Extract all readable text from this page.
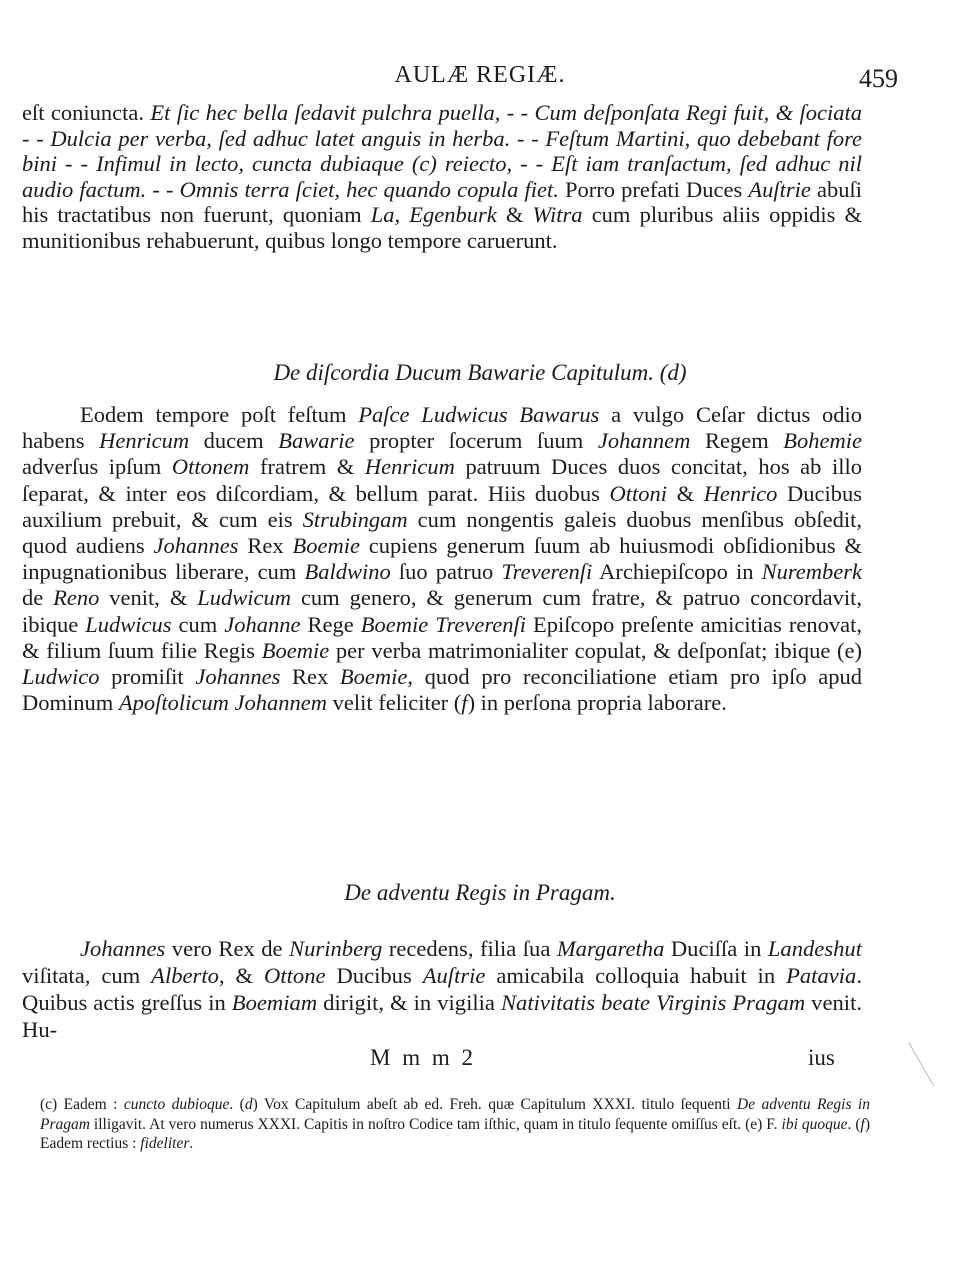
AULÆ REGIÆ.	459

eſt coniuncta. Et ſic hec bella ſedavit pulchra puella, - - Cum deſponſata Regi fuit, & ſociata - - Dulcia per verba, ſed adhuc latet anguis in herba. - - Feſtum Martini, quo debebant fore bini - - Infimul in lecto, cuncta dubiaque (c) reiecto, - - Eſt iam tranſactum, ſed adhuc nil audio factum. - - Omnis terra ſciet, hec quando copula fiet. Porro prefati Duces Auſtrie abuſi his tractatibus non fuerunt, quoniam La, Egenburk & Witra cum pluribus aliis oppidis & munitionibus rehabuerunt, quibus longo tempore caruerunt.

De diſcordia Ducum Bawarie Capitulum. (d)

Eodem tempore poſt feſtum Paſce Ludwicus Bawarus a vulgo Ceſar dictus odio habens Henricum ducem Bawarie propter ſocerum ſuum Johannem Regem Bohemie adverſus ipſum Ottonem fratrem & Henricum patruum Duces duos concitat, hos ab illo ſeparat, & inter eos diſcordiam, & bellum parat. Hiis duobus Ottoni & Henrico Ducibus auxilium prebuit, & cum eis Strubingam cum nongentis galeis duobus menſibus obſedit, quod audiens Johannes Rex Boemie cupiens generum ſuum ab huiusmodi obſidionibus & inpugnationibus liberare, cum Baldwino ſuo patruo Treverenſi Archiepiſcopo in Nuremberk de Reno venit, & Ludwicum cum genero, & generum cum fratre, & patruo concordavit, ibique Ludwicus cum Johanne Rege Boemie Treverenſi Epiſcopo preſente amicitias renovat, & filium ſuum filie Regis Boemie per verba matrimonialiter copulat, & deſponſat; ibique (e) Ludwico promiſit Johannes Rex Boemie, quod pro reconciliatione etiam pro ipſo apud Dominum Apoſtolicum Johannem velit feliciter (f) in perſona propria laborare.

De adventu Regis in Pragam.

Johannes vero Rex de Nurinberg recedens, filia ſua Margaretha Duciſſa in Landeshut viſitata, cum Alberto, & Ottone Ducibus Auſtrie amicabila colloquia habuit in Patavia. Quibus actis greſſus in Boemiam dirigit, & in vigilia Nativitatis beate Virginis Pragam venit. Hu-

M m m 2	ius

(c) Eadem : cuncto dubioque. (d) Vox Capitulum abeſt ab ed. Freh. quæ Capitulum XXXI. titulo ſequenti De adventu Regis in Pragam illigavit. At vero numerus XXXI. Capitis in noſtro Codice tam iſthic, quam in titulo ſequente omiſſus eſt. (e) F. ibi quoque. (f) Eadem rectius : fideliter.
